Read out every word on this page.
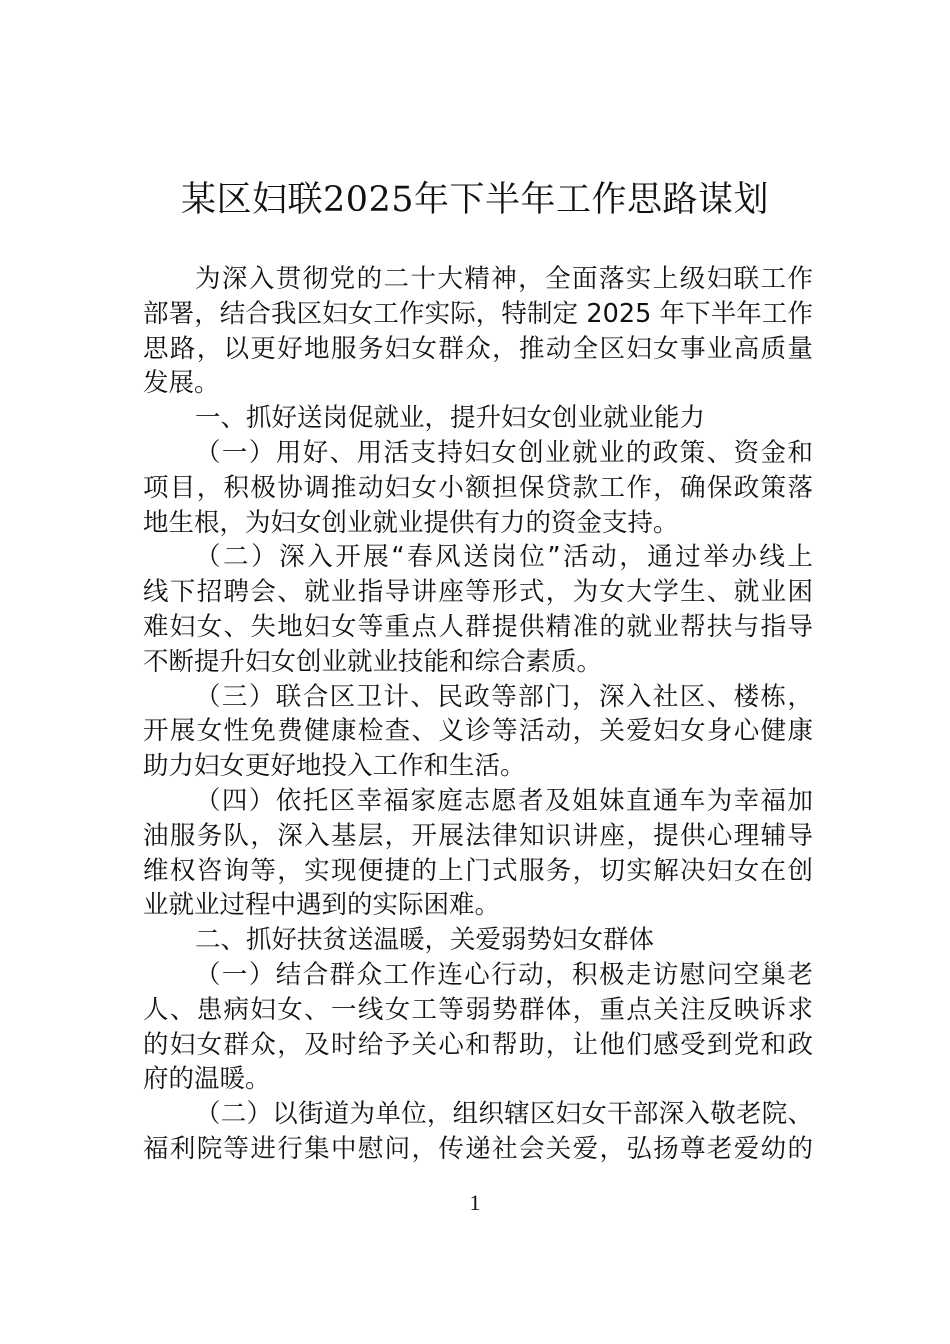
某区妇联2025年下半年工作思路谋划
为深入贯彻党的二十大精神，全面落实上级妇联工作
部署，结合我区妇女工作实际，特制定 2025 年下半年工作
思路，以更好地服务妇女群众，推动全区妇女事业高质量
发展。
一、抓好送岗促就业，提升妇女创业就业能力
（一）用好、用活支持妇女创业就业的政策、资金和
项目，积极协调推动妇女小额担保贷款工作，确保政策落
地生根，为妇女创业就业提供有力的资金支持。
（二）深入开展“春风送岗位”活动，通过举办线上
线下招聘会、就业指导讲座等形式，为女大学生、就业困
难妇女、失地妇女等重点人群提供精准的就业帮扶与指导
不断提升妇女创业就业技能和综合素质。
（三）联合区卫计、民政等部门，深入社区、楼栋，
开展女性免费健康检查、义诊等活动，关爱妇女身心健康
助力妇女更好地投入工作和生活。
（四）依托区幸福家庭志愿者及姐妹直通车为幸福加
油服务队，深入基层，开展法律知识讲座，提供心理辅导
维权咨询等，实现便捷的上门式服务，切实解决妇女在创
业就业过程中遇到的实际困难。
二、抓好扶贫送温暖，关爱弱势妇女群体
（一）结合群众工作连心行动，积极走访慰问空巢老
人、患病妇女、一线女工等弱势群体，重点关注反映诉求
的妇女群众，及时给予关心和帮助，让他们感受到党和政
府的温暖。
（二）以街道为单位，组织辖区妇女干部深入敬老院、
福利院等进行集中慰问，传递社会关爱，弘扬尊老爱幼的
1
